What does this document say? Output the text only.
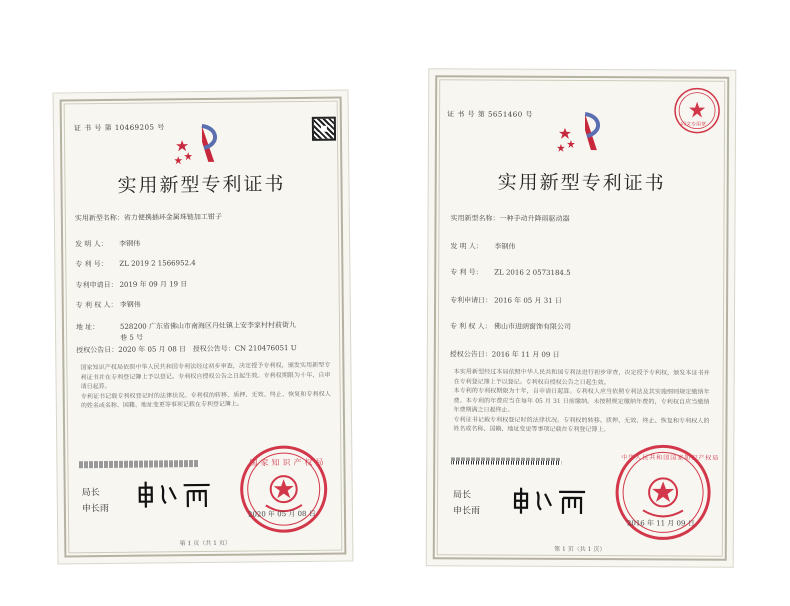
证 书 号 第 10469205 号
实用新型专利证书
实用新型名称：省力便携插环金属珠链加工钳子
发 明 人： 李钢伟
专 利 号： ZL 2019 2 1566952.4
专利申请日： 2019 年 09 月 19 日
专 利 权 人： 李钢伟
地 址：	528200 广东省佛山市南海区丹灶镇上安李家村村前街九
巷 5 号
授权公告日：2020 年 05 月 08 日 授权公告号：CN 210476051 U
国家知识产权局依照中华人民共和国专利法经过初步审查，决定授予专利权，颁发实用新型专利证书并在专利登记簿上予以登记。专利权自授权公告之日起生效。专利权期限为十年，自申请日起算。
专利证书记载专利权登记时的法律状况。专利权的转移、质押、无效、终止、恢复和专利权人的姓名或名称、国籍、地址变更等事项记载在专利登记簿上。
局长
申长雨
国家知识产权局
2020 年 05 月 08 日
第 1 页（共 1 页）
证 书 号 第 5651460 号
同文专用章
实用新型专利证书
实用新型名称：一种手动升降雨驱动器
发 明 人： 李钢伟
专 利 号： ZL 2016 2 0573184.5
专利申请日： 2016 年 05 月 31 日
专 利 权 人： 佛山市进朗窗饰有限公司
授权公告日：2016 年 11 月 09 日
本实用新型经过本局依照中华人民共和国专利法进行初步审查，决定授予专利权，颁发本证书并在专利登记簿上予以登记。专利权自授权公告之日起生效。
本专利的专利权期限为十年，自申请日起算。专利权人应当依照专利法及其实施细则规定缴纳年费。本专利的年费应当在每年 05 月 31 日前缴纳。未按照规定缴纳年费的，专利权自应当缴纳年费期满之日起终止。
专利证书记载专利权登记时的法律状况。专利权的转移、质押、无效、终止、恢复和专利权人的姓名或名称、国籍、地址变更等事项记载在专利登记簿上。
局长
申长雨
中华人民共和国国家知识产权局
2016 年 11 月 09 日
第 1 页（共 1 页）
